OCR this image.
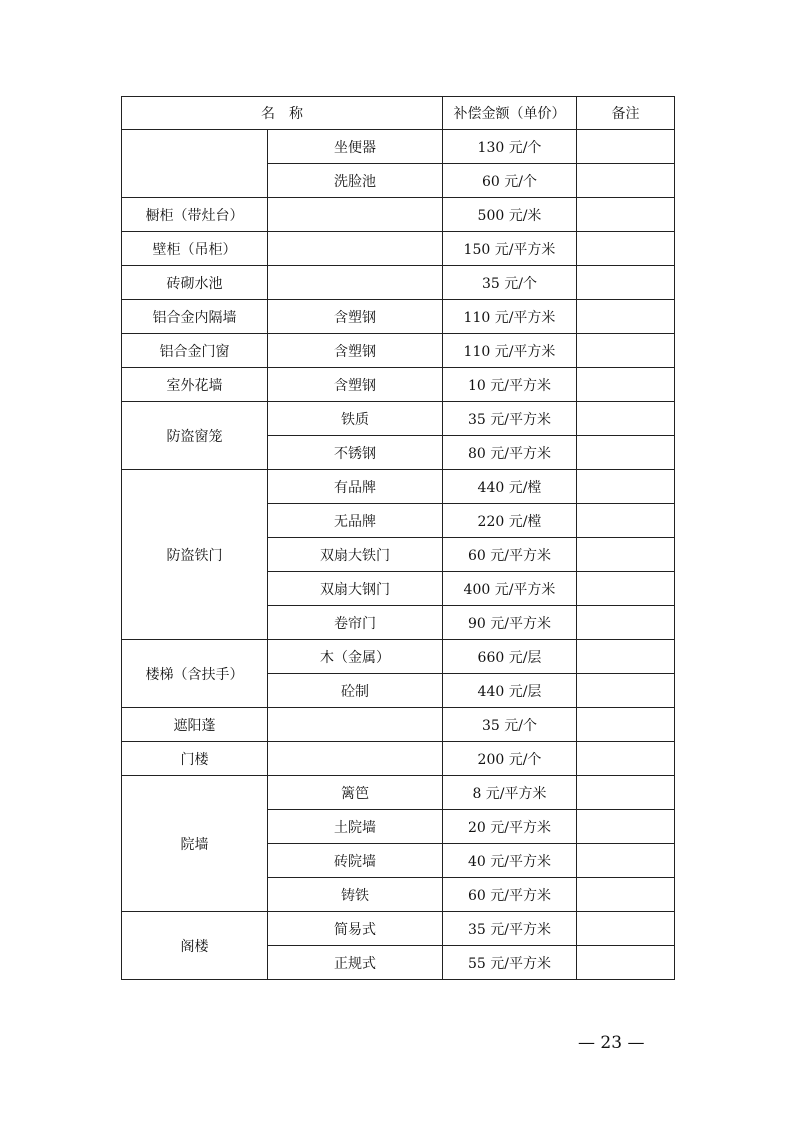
名　称		补偿金额（单价）	备注
	坐便器	130 元/个	
	洗脸池	60 元/个	
橱柜（带灶台）		500 元/米	
壁柜（吊柜）		150 元/平方米	
砖砌水池		35 元/个	
铝合金内隔墙	含塑钢	110 元/平方米	
铝合金门窗	含塑钢	110 元/平方米	
室外花墙	含塑钢	10 元/平方米	
防盗窗笼	铁质	35 元/平方米	
	不锈钢	80 元/平方米	
防盗铁门	有品牌	440 元/樘	
	无品牌	220 元/樘	
	双扇大铁门	60 元/平方米	
	双扇大钢门	400 元/平方米	
	卷帘门	90 元/平方米	
楼梯（含扶手）	木（金属）	660 元/层	
	砼制	440 元/层	
遮阳蓬		35 元/个	
门楼		200 元/个	
院墙	篱笆	8 元/平方米	
	土院墙	20 元/平方米	
	砖院墙	40 元/平方米	
	铸铁	60 元/平方米	
阁楼	简易式	35 元/平方米	
	正规式	55 元/平方米	
— 23 —
